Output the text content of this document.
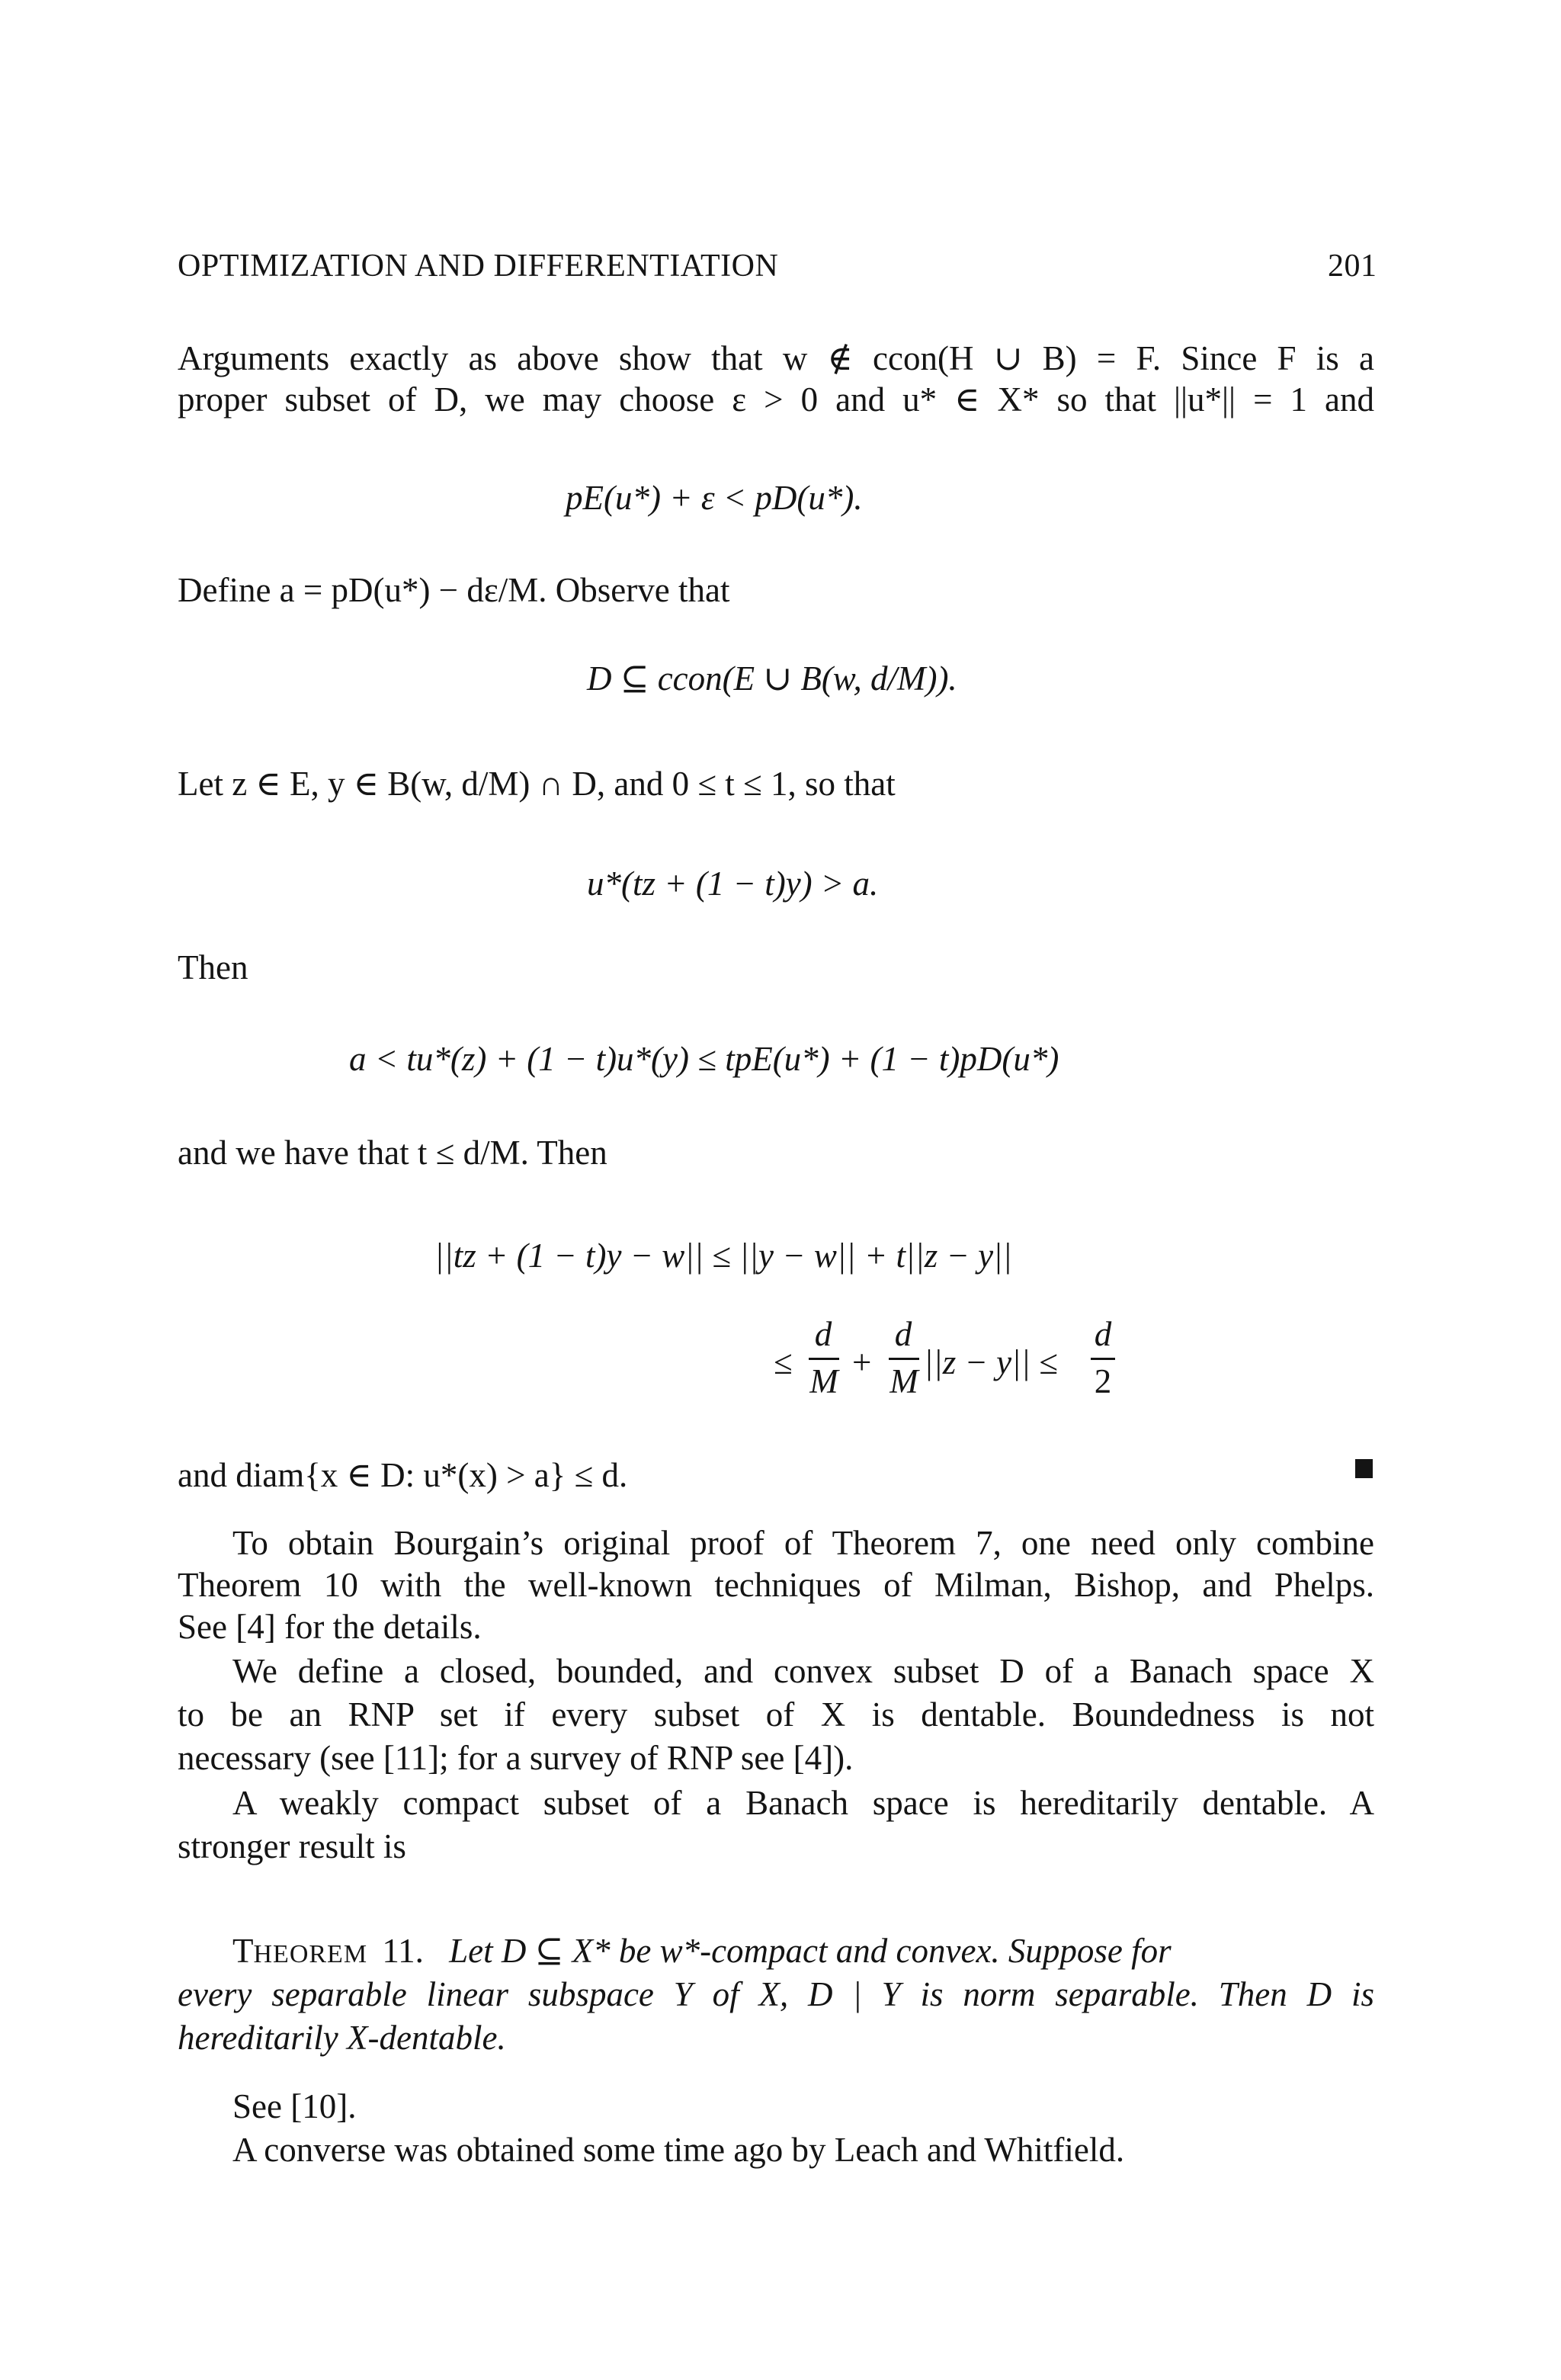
OPTIMIZATION AND DIFFERENTIATION	201
Arguments exactly as above show that w ∉ ccon(H ∪ B) = F. Since F is a
proper subset of D, we may choose ε > 0 and u* ∈ X* so that ||u*|| = 1 and
pE(u*) + ε < pD(u*).
Define a = pD(u*) − dε/M. Observe that
D ⊆ ccon(E ∪ B(w, d/M)).
Let z ∈ E, y ∈ B(w, d/M) ∩ D, and 0 ≤ t ≤ 1, so that
u*(tz + (1 − t)y) > a.
Then
a < tu*(z) + (1 − t)u*(y) ≤ tpE(u*) + (1 − t)pD(u*)
and we have that t ≤ d/M. Then
||tz + (1 − t)y − w|| ≤ ||y − w|| + t||z − y||
≤
d
M +
d
M ||z − y|| ≤
d
2
and diam{x ∈ D: u*(x) > a} ≤ d.
To obtain Bourgain’s original proof of Theorem 7, one need only combine
Theorem 10 with the well-known techniques of Milman, Bishop, and Phelps.
See [4] for the details.
We define a closed, bounded, and convex subset D of a Banach space X
to be an RNP set if every subset of X is dentable. Boundedness is not
necessary (see [11]; for a survey of RNP see [4]).
A weakly compact subset of a Banach space is hereditarily dentable. A
stronger result is
THEOREM 11. Let D ⊆ X* be w*-compact and convex. Suppose for
every separable linear subspace Y of X, D | Y is norm separable. Then D is
hereditarily X-dentable.
See [10].
A converse was obtained some time ago by Leach and Whitfield.
